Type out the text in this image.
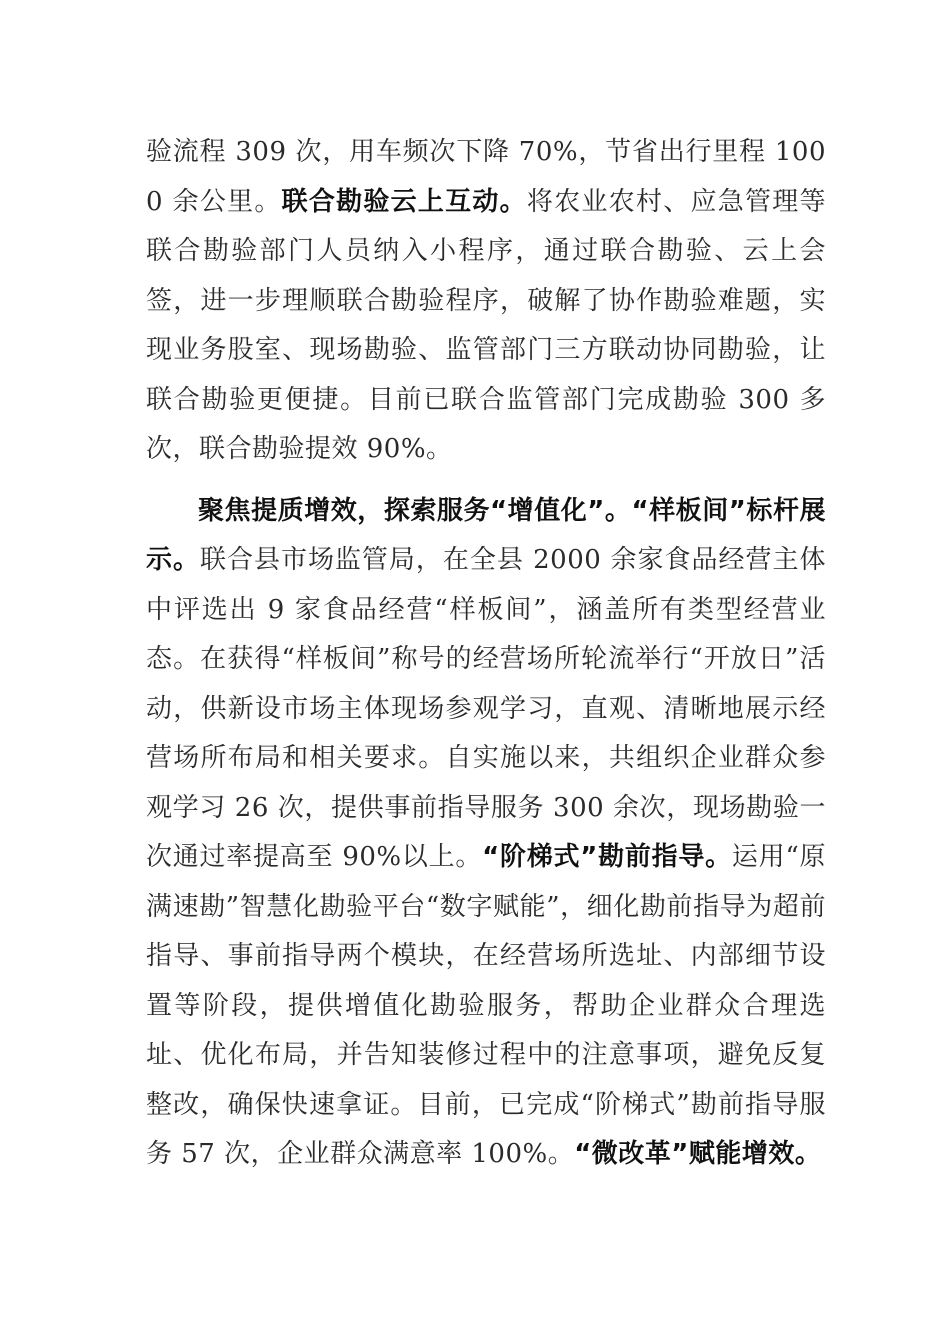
验流程 309 次，用车频次下降 70%，节省出行里程 1000 余公里。联合勘验云上互动。将农业农村、应急管理等联合勘验部门人员纳入小程序，通过联合勘验、云上会签，进一步理顺联合勘验程序，破解了协作勘验难题，实现业务股室、现场勘验、监管部门三方联动协同勘验，让联合勘验更便捷。目前已联合监管部门完成勘验 300 多次，联合勘验提效 90%。

聚焦提质增效，探索服务“增值化”。“样板间”标杆展示。联合县市场监管局，在全县 2000 余家食品经营主体中评选出 9 家食品经营“样板间”，涵盖所有类型经营业态。在获得“样板间”称号的经营场所轮流举行“开放日”活动，供新设市场主体现场参观学习，直观、清晰地展示经营场所布局和相关要求。自实施以来，共组织企业群众参观学习 26 次，提供事前指导服务 300 余次，现场勘验一次通过率提高至 90%以上。“阶梯式”勘前指导。运用“原满速勘”智慧化勘验平台“数字赋能”，细化勘前指导为超前指导、事前指导两个模块，在经营场所选址、内部细节设置等阶段，提供增值化勘验服务，帮助企业群众合理选址、优化布局，并告知装修过程中的注意事项，避免反复整改，确保快速拿证。目前，已完成“阶梯式”勘前指导服务 57 次，企业群众满意率 100%。“微改革”赋能增效。
